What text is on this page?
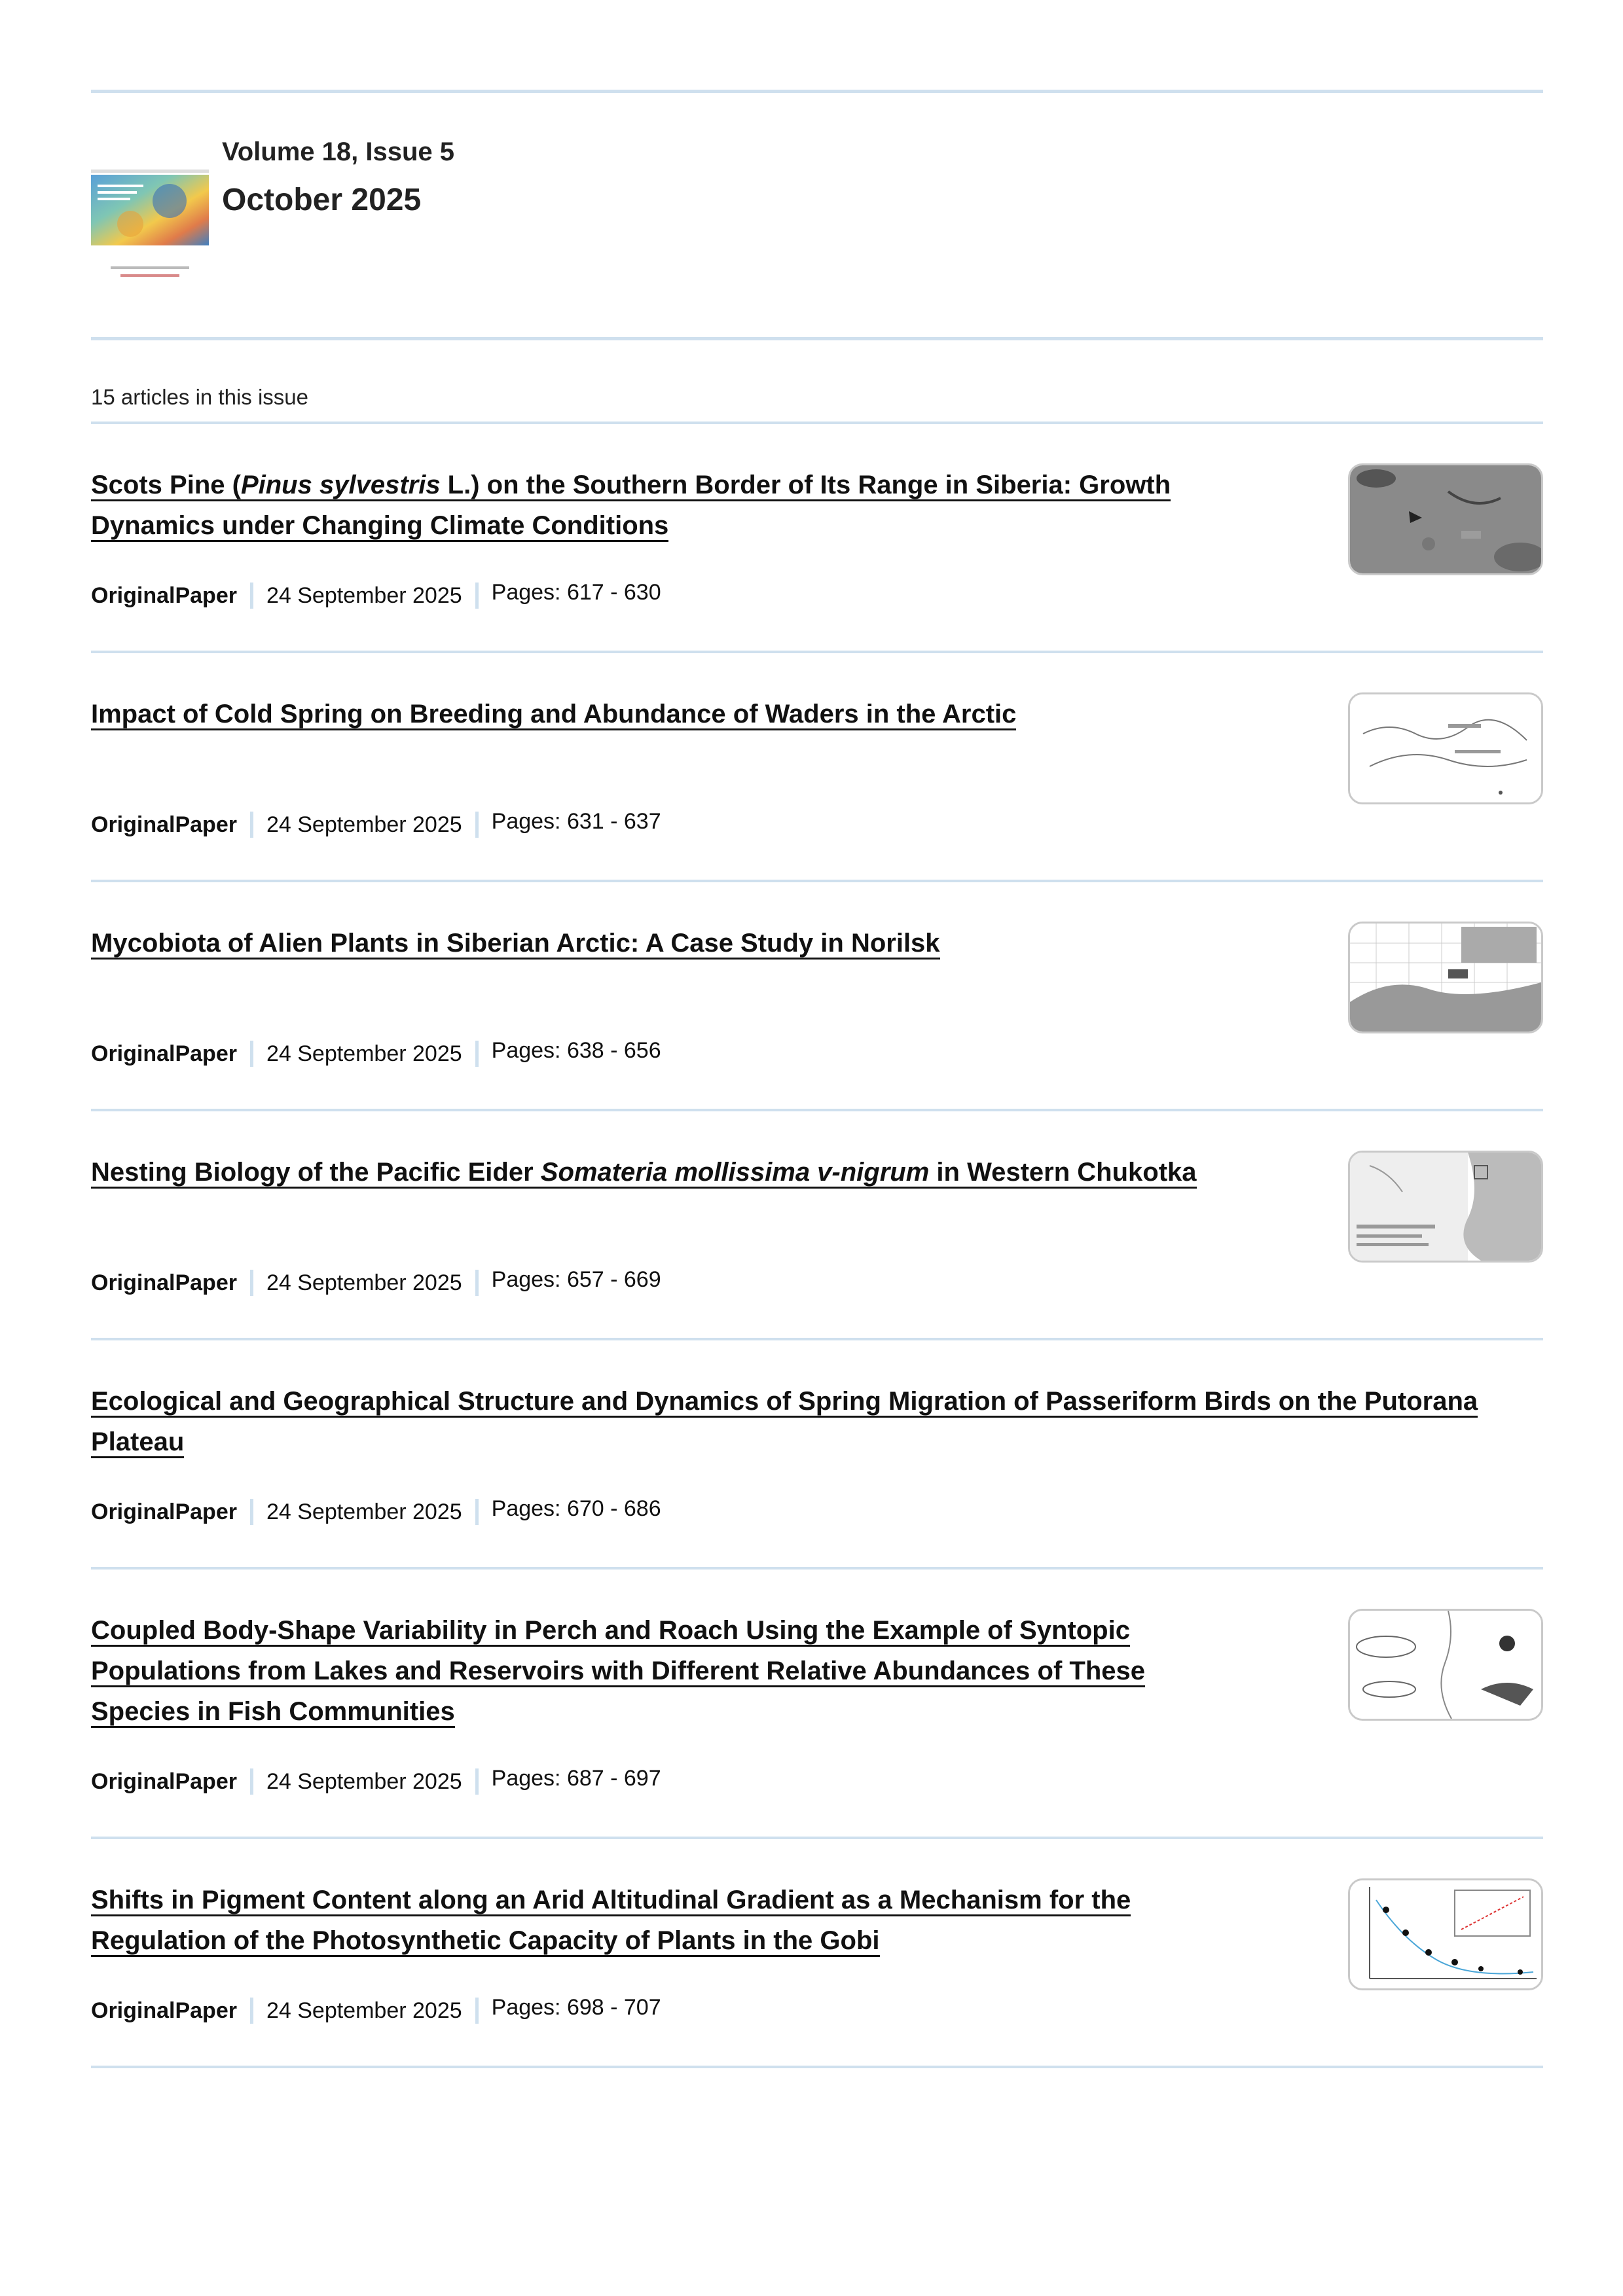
Volume 18, Issue 5
October 2025
15 articles in this issue
Scots Pine (Pinus sylvestris L.) on the Southern Border of Its Range in Siberia: Growth Dynamics under Changing Climate Conditions
OriginalPaper 24 September 2025 Pages: 617 - 630
Impact of Cold Spring on Breeding and Abundance of Waders in the Arctic
OriginalPaper 24 September 2025 Pages: 631 - 637
Mycobiota of Alien Plants in Siberian Arctic: A Case Study in Norilsk
OriginalPaper 24 September 2025 Pages: 638 - 656
Nesting Biology of the Pacific Eider Somateria mollissima v-nigrum in Western Chukotka
OriginalPaper 24 September 2025 Pages: 657 - 669
Ecological and Geographical Structure and Dynamics of Spring Migration of Passeriform Birds on the Putorana Plateau
OriginalPaper 24 September 2025 Pages: 670 - 686
Coupled Body-Shape Variability in Perch and Roach Using the Example of Syntopic Populations from Lakes and Reservoirs with Different Relative Abundances of These Species in Fish Communities
OriginalPaper 24 September 2025 Pages: 687 - 697
Shifts in Pigment Content along an Arid Altitudinal Gradient as a Mechanism for the Regulation of the Photosynthetic Capacity of Plants in the Gobi
OriginalPaper 24 September 2025 Pages: 698 - 707
